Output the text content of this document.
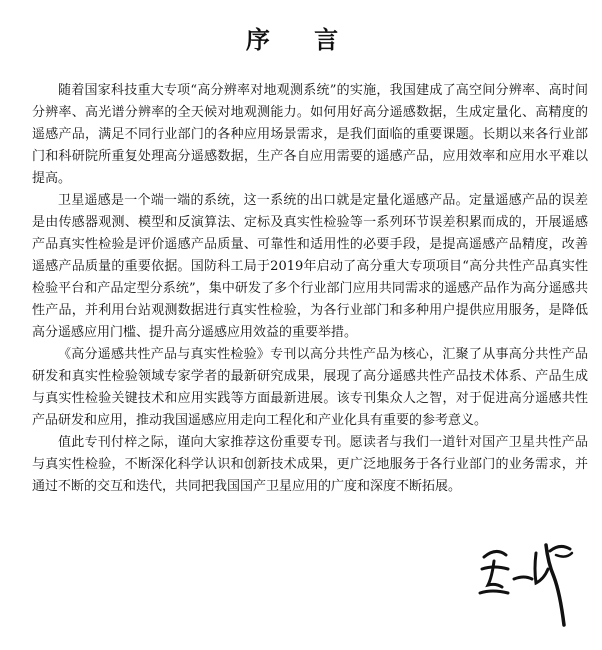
序 言

随着国家科技重大专项“高分辨率对地观测系统”的实施，我国建成了高空间分辨率、高时间分辨率、高光谱分辨率的全天候对地观测能力。如何用好高分遥感数据，生成定量化、高精度的遥感产品，满足不同行业部门的各种应用场景需求，是我们面临的重要课题。长期以来各行业部门和科研院所重复处理高分遥感数据，生产各自应用需要的遥感产品，应用效率和应用水平难以提高。

卫星遥感是一个端一端的系统，这一系统的出口就是定量化遥感产品。定量遥感产品的误差是由传感器观测、模型和反演算法、定标及真实性检验等一系列环节误差积累而成的，开展遥感产品真实性检验是评价遥感产品质量、可靠性和适用性的必要手段，是提高遥感产品精度，改善遥感产品质量的重要依据。国防科工局于2019年启动了高分重大专项项目“高分共性产品真实性检验平台和产品定型分系统”，集中研发了多个行业部门应用共同需求的遥感产品作为高分遥感共性产品，并利用台站观测数据进行真实性检验，为各行业部门和多种用户提供应用服务，是降低高分遥感应用门槛、提升高分遥感应用效益的重要举措。

《高分遥感共性产品与真实性检验》专刊以高分共性产品为核心，汇聚了从事高分共性产品研发和真实性检验领域专家学者的最新研究成果，展现了高分遥感共性产品技术体系、产品生成与真实性检验关键技术和应用实践等方面最新进展。该专刊集众人之智，对于促进高分遥感共性产品研发和应用，推动我国遥感应用走向工程化和产业化具有重要的参考意义。

值此专刊付梓之际，谨向大家推荐这份重要专刊。愿读者与我们一道针对国产卫星共性产品与真实性检验，不断深化科学认识和创新技术成果，更广泛地服务于各行业部门的业务需求，并通过不断的交互和迭代，共同把我国国产卫星应用的广度和深度不断拓展。
